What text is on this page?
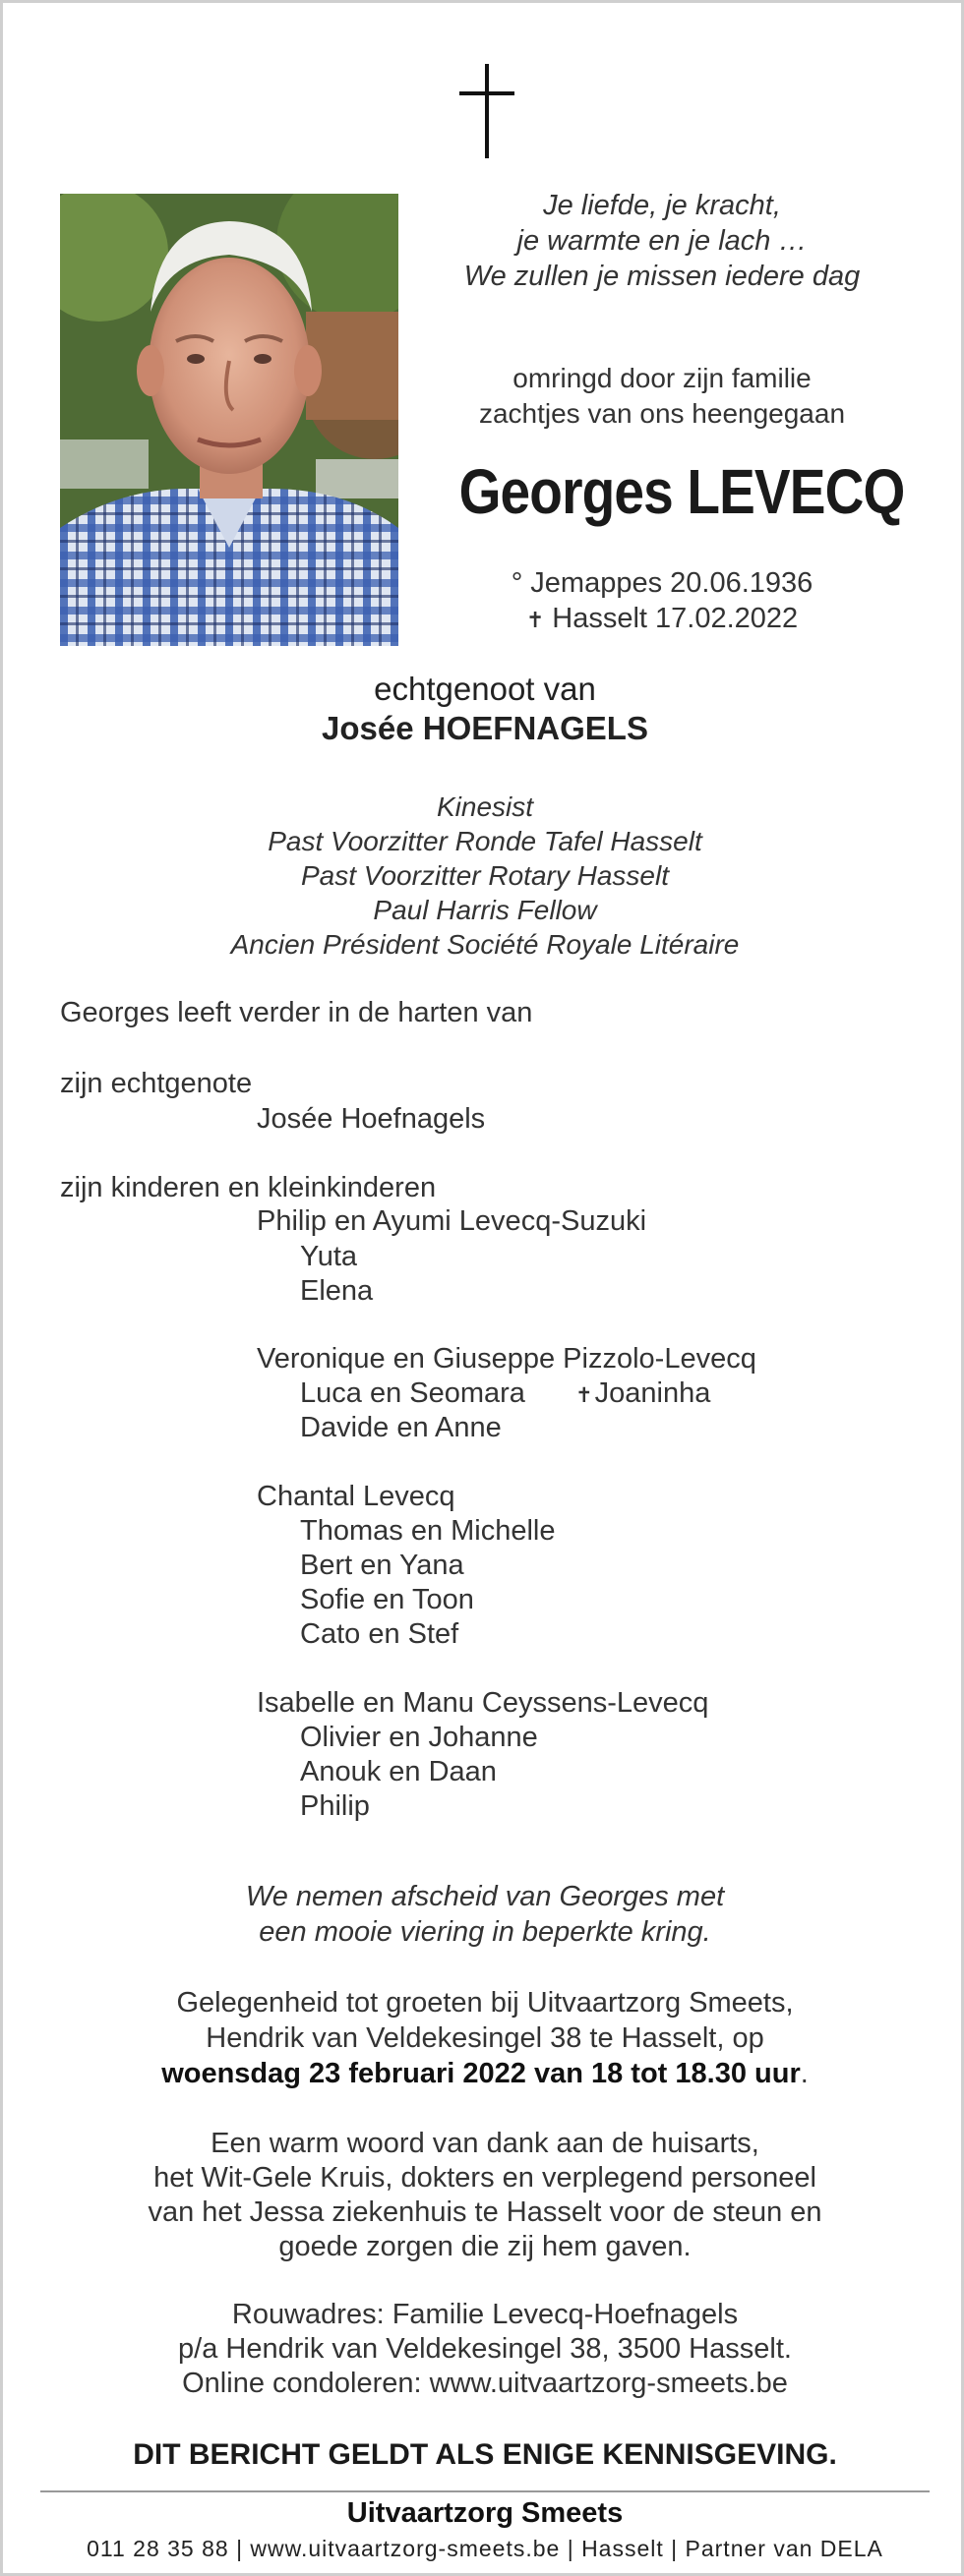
Je liefde, je kracht,
je warmte en je lach …
We zullen je missen iedere dag
omringd door zijn familie
zachtjes van ons heengegaan
Georges LEVECQ
° Jemappes 20.06.1936
✝ Hasselt 17.02.2022
echtgenoot van
Josée HOEFNAGELS
Kinesist
Past Voorzitter Ronde Tafel Hasselt
Past Voorzitter Rotary Hasselt
Paul Harris Fellow
Ancien Président Société Royale Litéraire
Georges leeft verder in de harten van
zijn echtgenote
Josée Hoefnagels
zijn kinderen en kleinkinderen
Philip en Ayumi Levecq-Suzuki
Yuta
Elena
Veronique en Giuseppe Pizzolo-Levecq
Luca en Seomara ✝Joaninha
Davide en Anne
Chantal Levecq
Thomas en Michelle
Bert en Yana
Sofie en Toon
Cato en Stef
Isabelle en Manu Ceyssens-Levecq
Olivier en Johanne
Anouk en Daan
Philip
We nemen afscheid van Georges met
een mooie viering in beperkte kring.
Gelegenheid tot groeten bij Uitvaartzorg Smeets,
Hendrik van Veldekesingel 38 te Hasselt, op
woensdag 23 februari 2022 van 18 tot 18.30 uur.
Een warm woord van dank aan de huisarts,
het Wit-Gele Kruis, dokters en verplegend personeel
van het Jessa ziekenhuis te Hasselt voor de steun en
goede zorgen die zij hem gaven.
Rouwadres: Familie Levecq-Hoefnagels
p/a Hendrik van Veldekesingel 38, 3500 Hasselt.
Online condoleren: www.uitvaartzorg-smeets.be
DIT BERICHT GELDT ALS ENIGE KENNISGEVING.
Uitvaartzorg Smeets
011 28 35 88 | www.uitvaartzorg-smeets.be | Hasselt | Partner van DELA
